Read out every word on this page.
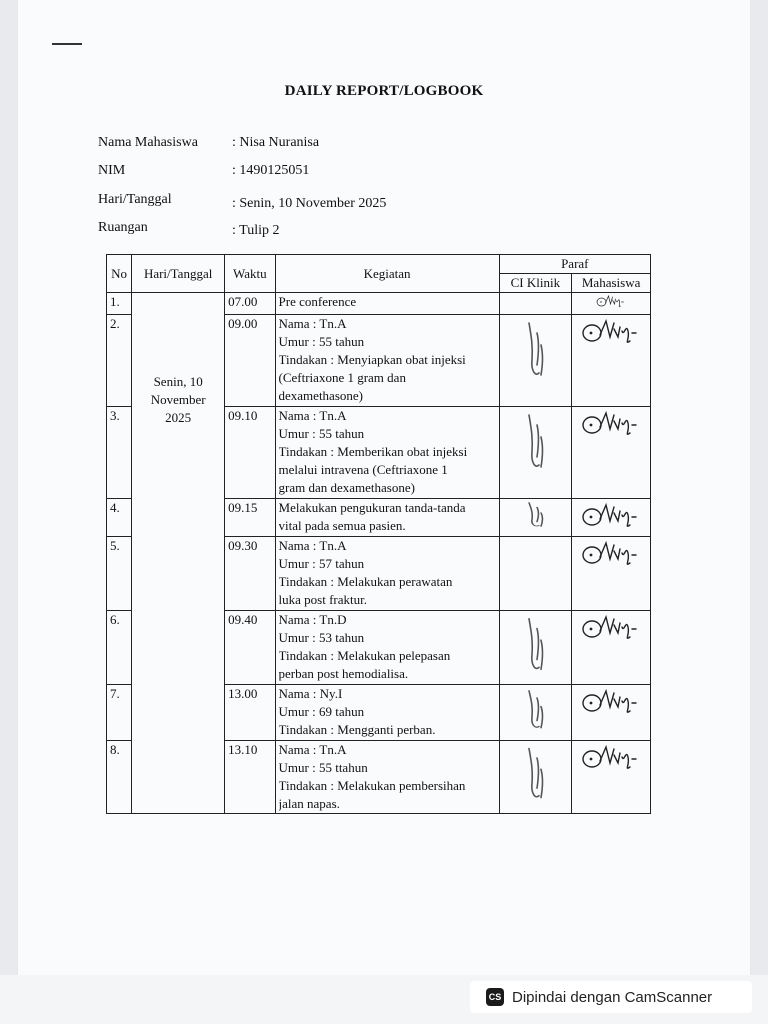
DAILY REPORT/LOGBOOK
Nama Mahasiswa	: Nisa Nuranisa
NIM	: 1490125051
Hari/Tanggal	: Senin, 10 November 2025
Ruangan	: Tulip 2
No	Hari/Tanggal	Waktu	Kegiatan	Paraf	
				CI Klinik	Mahasiswa
1.	Senin, 10
November
2025	07.00	Pre conference

2.		09.00	Nama : Tn.A
Umur : 55 tahun
Tindakan : Menyiapkan obat injeksi
(Ceftriaxone 1 gram dan
dexamethasone)

3.		09.10	Nama : Tn.A
Umur : 55 tahun
Tindakan : Memberikan obat injeksi
melalui intravena (Ceftriaxone 1
gram dan dexamethasone)

4.		09.15	Melakukan pengukuran tanda-tanda
vital pada semua pasien.

5.		09.30	Nama : Tn.A
Umur : 57 tahun
Tindakan : Melakukan perawatan
luka post fraktur.

6.		09.40	Nama : Tn.D
Umur : 53 tahun
Tindakan : Melakukan pelepasan
perban post hemodialisa.

7.		13.00	Nama : Ny.I
Umur : 69 tahun
Tindakan : Mengganti perban.

8.		13.10	Nama : Tn.A
Umur : 55 ttahun
Tindakan : Melakukan pembersihan
jalan napas.

CS Dipindai dengan CamScanner
